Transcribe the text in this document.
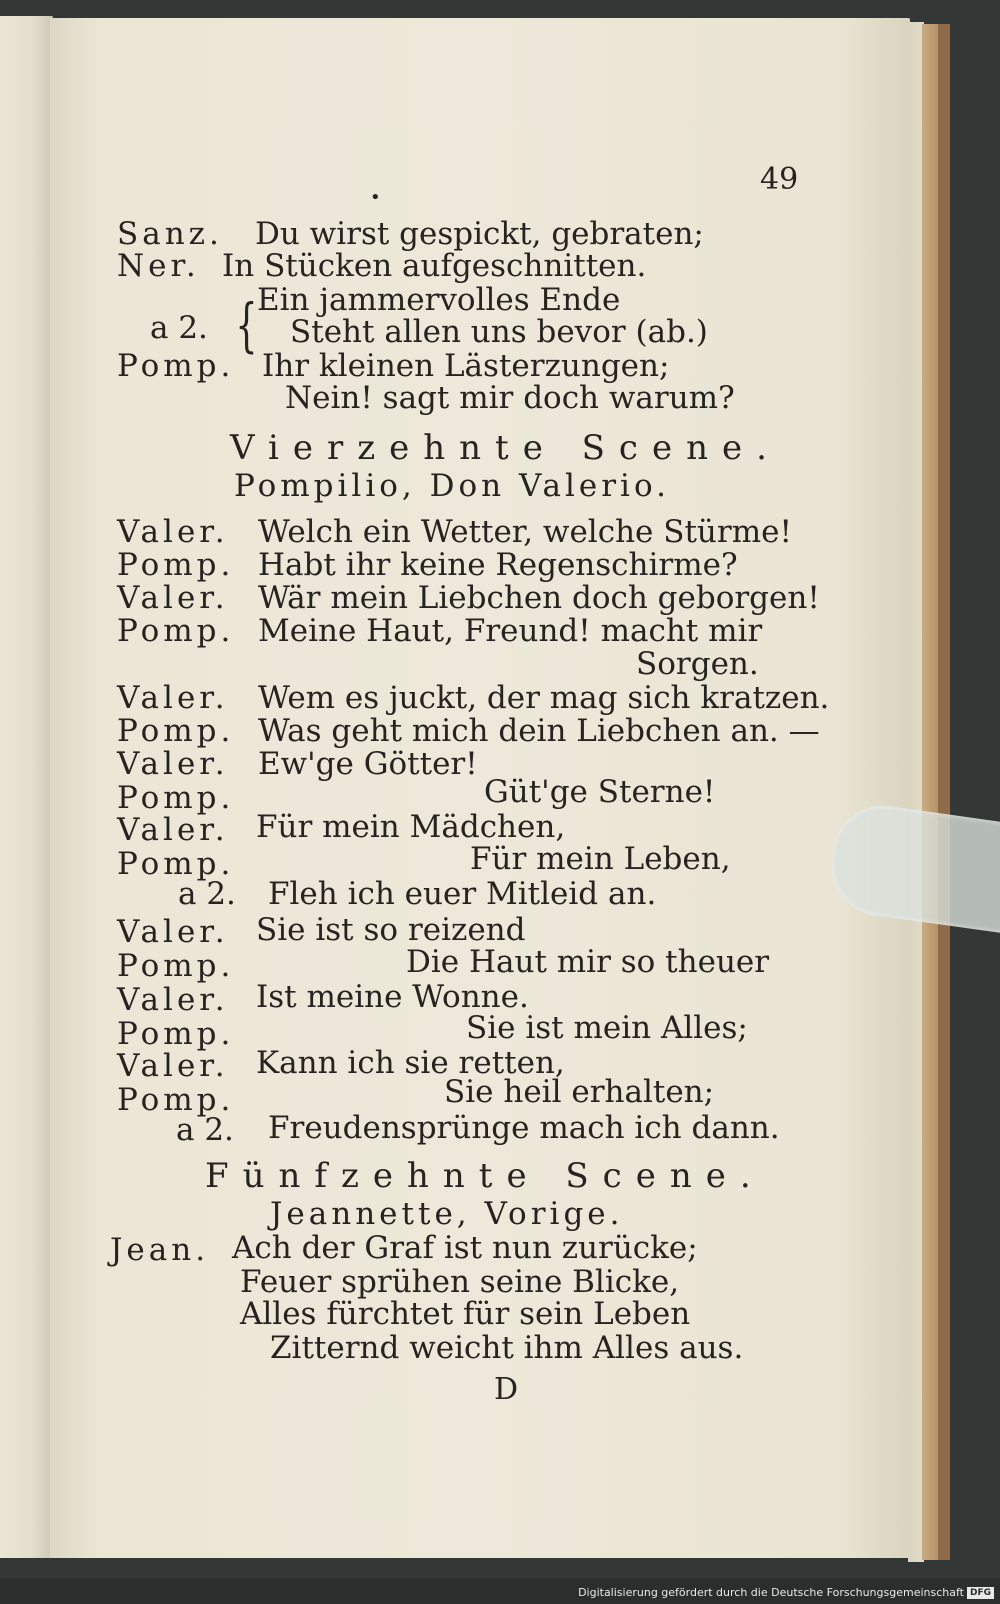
49
•
Sanz. Du wirst gespickt, gebraten;
Ner. In Stücken aufgeschnitten.
a 2. { Ein jammervolles Ende
Steht allen uns bevor (ab.)
Pomp. Ihr kleinen Lästerzungen;
Nein! sagt mir doch warum?
Vierzehnte Scene.
Pompilio, Don Valerio.
Valer. Welch ein Wetter, welche Stürme!
Pomp. Habt ihr keine Regenschirme?
Valer. Wär mein Liebchen doch geborgen!
Pomp. Meine Haut, Freund! macht mir
Sorgen.
Valer. Wem es juckt, der mag sich kratzen.
Pomp. Was geht mich dein Liebchen an. —
Valer. Ew'ge Götter!
Pomp.	Güt'ge Sterne!
Valer. Für mein Mädchen,
Pomp.	Für mein Leben,
a 2. Fleh ich euer Mitleid an.
Valer. Sie ist so reizend
Pomp.	Die Haut mir so theuer
Valer. Ist meine Wonne.
Pomp.	Sie ist mein Alles;
Valer. Kann ich sie retten,
Pomp.	Sie heil erhalten;
a 2. Freudensprünge mach ich dann.
Fünfzehnte Scene.
Jeannette, Vorige.
Jean. Ach der Graf ist nun zurücke;
Feuer sprühen seine Blicke,
Alles fürchtet für sein Leben
Zitternd weicht ihm Alles aus.
D
Digitalisierung gefördert durch die Deutsche Forschungsgemeinschaft DFG
